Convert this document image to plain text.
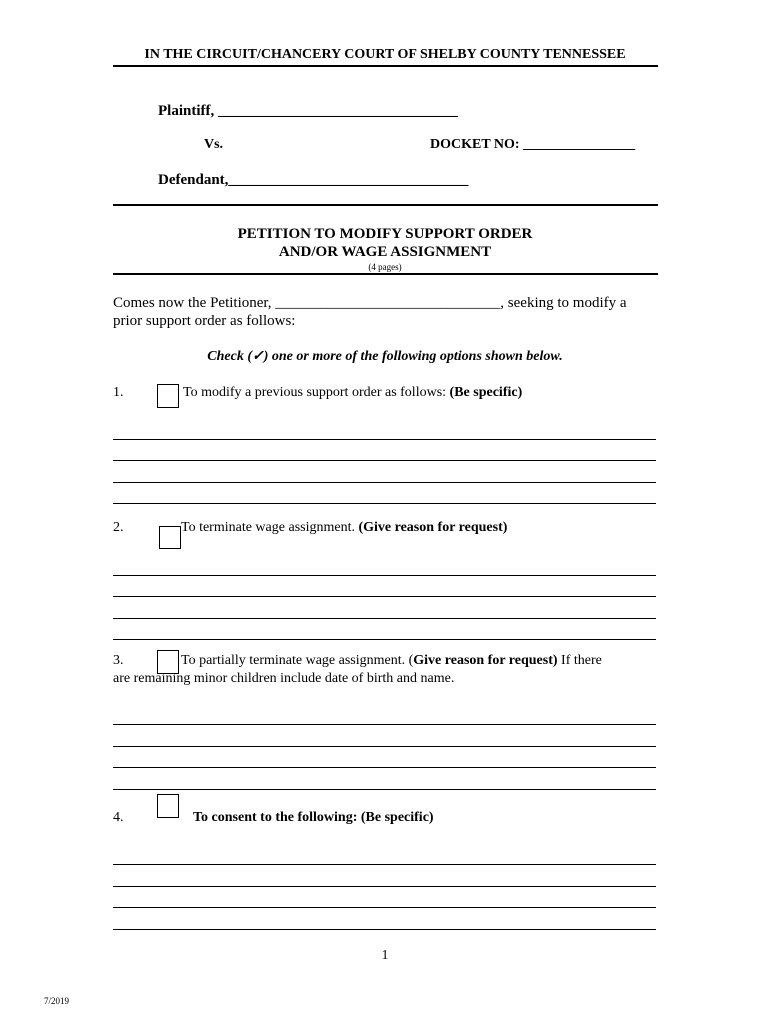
IN THE CIRCUIT/CHANCERY COURT OF SHELBY COUNTY TENNESSEE
Plaintiff, ________________________________
Vs.	DOCKET NO: ________________
Defendant,________________________________
PETITION TO MODIFY SUPPORT ORDER
AND/OR WAGE ASSIGNMENT
(4 pages)
Comes now the Petitioner, ______________________________, seeking to modify a
prior support order as follows:
Check (✓) one or more of the following options shown below.
1.	To modify a previous support order as follows: (Be specific)
2.	To terminate wage assignment. (Give reason for request)
3.	To partially terminate wage assignment. (Give reason for request) If there
are remaining minor children include date of birth and name.
4.	To consent to the following: (Be specific)
1
7/2019
